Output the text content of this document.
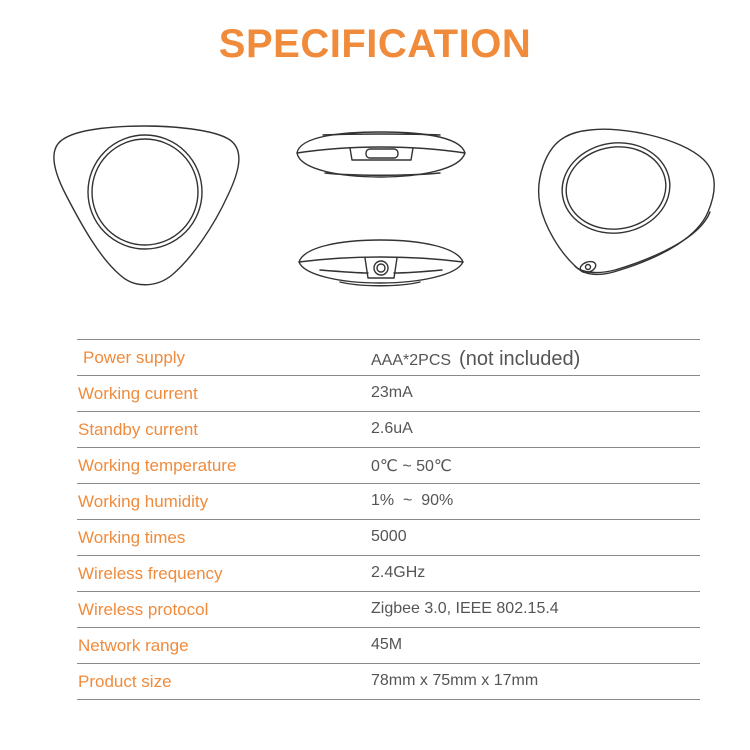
SPECIFICATION
Power supply	AAA*2PCS (not included)
Working current	23mA
Standby current	2.6uA
Working temperature	0℃ ~ 50℃
Working humidity	1%  ~  90%
Working times	5000
Wireless frequency	2.4GHz
Wireless protocol	Zigbee 3.0, IEEE 802.15.4
Network range	45M
Product size	78mm x 75mm x 17mm
